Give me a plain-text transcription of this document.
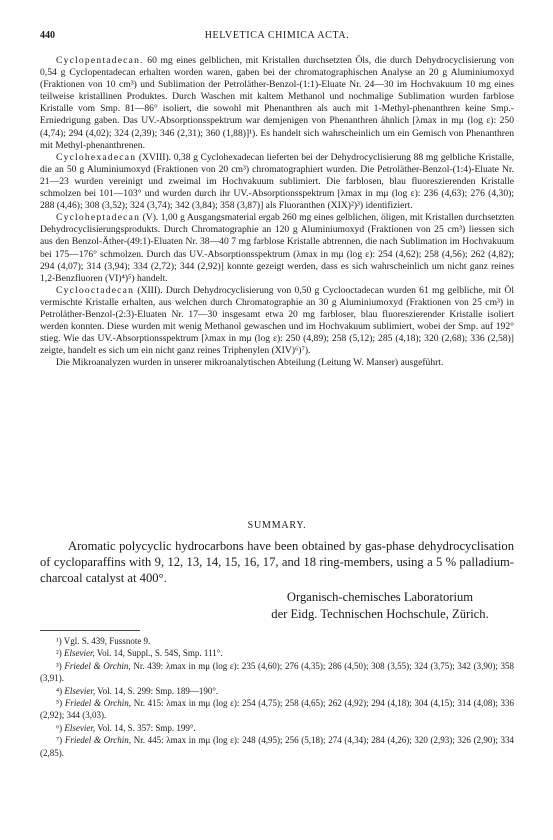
440	HELVETICA CHIMICA ACTA.

Cyclopentadecan. 60 mg eines gelblichen, mit Kristallen durchsetzten Öls, die durch Dehydrocyclisierung von 0,54 g Cyclopentadecan erhalten worden waren, gaben bei der chromatographischen Analyse an 20 g Aluminiumoxyd (Fraktionen von 10 cm³) und Sublimation der Petroläther-Benzol-(1:1)-Eluate Nr. 24—30 im Hochvakuum 10 mg eines teilweise kristallinen Produktes. Durch Waschen mit kaltem Methanol und nochmalige Sublimation wurden farblose Kristalle vom Smp. 81—86° isoliert, die sowohl mit Phenanthren als auch mit 1-Methyl-phenanthren keine Smp.-Erniedrigung gaben. Das UV.-Absorptionsspektrum war demjenigen von Phenanthren ähnlich [λmax in mμ (log ε): 250 (4,74); 294 (4,02); 324 (2,39); 346 (2,31); 360 (1,88)]¹). Es handelt sich wahrscheinlich um ein Gemisch von Phenanthren mit Methyl-phenanthrenen.

Cyclohexadecan (XVIII). 0,38 g Cyclohexadecan lieferten bei der Dehydrocyclisierung 88 mg gelbliche Kristalle, die an 50 g Aluminiumoxyd (Fraktionen von 20 cm³) chromatographiert wurden. Die Petroläther-Benzol-(1:4)-Eluate Nr. 21—23 wurden vereinigt und zweimal im Hochvakuum sublimiert. Die farblosen, blau fluoreszierenden Kristalle schmolzen bei 101—103° und wurden durch ihr UV.-Absorptionsspektrum [λmax in mμ (log ε): 236 (4,63); 276 (4,30); 288 (4,46); 308 (3,52); 324 (3,74); 342 (3,84); 358 (3,87)] als Fluoranthen (XIX)²)³) identifiziert.

Cycloheptadecan (V). 1,00 g Ausgangsmaterial ergab 260 mg eines gelblichen, öligen, mit Kristallen durchsetzten Dehydrocyclisierungsprodukts. Durch Chromatographie an 120 g Aluminiumoxyd (Fraktionen von 25 cm³) liessen sich aus den Benzol-Äther-(49:1)-Eluaten Nr. 38—40 7 mg farblose Kristalle abtrennen, die nach Sublimation im Hochvakuum bei 175—176° schmolzen. Durch das UV.-Absorptionsspektrum (λmax in mμ (log ε): 254 (4,62); 258 (4,56); 262 (4,82); 294 (4,07); 314 (3,94); 334 (2,72); 344 (2,92)] konnte gezeigt werden, dass es sich wahrscheinlich um nicht ganz reines 1,2-Benzfluoren (VI)⁴)⁵) handelt.

Cyclooctadecan (XIII). Durch Dehydrocyclisierung von 0,50 g Cyclooctadecan wurden 61 mg gelbliche, mit Öl vermischte Kristalle erhalten, aus welchen durch Chromatographie an 30 g Aluminiumoxyd (Fraktionen von 25 cm³) in Petroläther-Benzol-(2:3)-Eluaten Nr. 17—30 insgesamt etwa 20 mg farbloser, blau fluoreszierender Kristalle isoliert werden konnten. Diese wurden mit wenig Methanol gewaschen und im Hochvakuum sublimiert, wobei der Smp. auf 192° stieg. Wie das UV.-Absorptionsspektrum [λmax in mμ (log ε): 250 (4,89); 258 (5,12); 285 (4,18); 320 (2,68); 336 (2,58)] zeigte, handelt es sich um ein nicht ganz reines Triphenylen (XIV)⁶)⁷).

Die Mikroanalyzen wurden in unserer mikroanalytischen Abteilung (Leitung W. Manser) ausgeführt.

SUMMARY.

Aromatic polycyclic hydrocarbons have been obtained by gas-phase dehydrocyclisation of cycloparaffins with 9, 12, 13, 14, 15, 16, 17, and 18 ring-members, using a 5 % palladium-charcoal catalyst at 400°.

Organisch-chemisches Laboratorium
der Eidg. Technischen Hochschule, Zürich.

¹) Vgl. S. 439, Fussnote 9.

²) Elsevier, Vol. 14, Suppl., S. 54S, Smp. 111°.

³) Friedel & Orchin, Nr. 439: λmax in mμ (log ε): 235 (4,60); 276 (4,35); 286 (4,50); 308 (3,55); 324 (3,75); 342 (3,90); 358 (3,91).

⁴) Elsevier, Vol. 14, S. 299: Smp. 189—190°.

⁵) Friedel & Orchin, Nr. 415: λmax in mμ (log ε): 254 (4,75); 258 (4,65); 262 (4,92); 294 (4,18); 304 (4,15); 314 (4,08); 336 (2,92); 344 (3,03).

⁶) Elsevier, Vol. 14, S. 357: Smp. 199°.

⁷) Friedel & Orchin, Nr. 445: λmax in mμ (log ε): 248 (4,95); 256 (5,18); 274 (4,34); 284 (4,26); 320 (2,93); 326 (2,90); 334 (2,85).
